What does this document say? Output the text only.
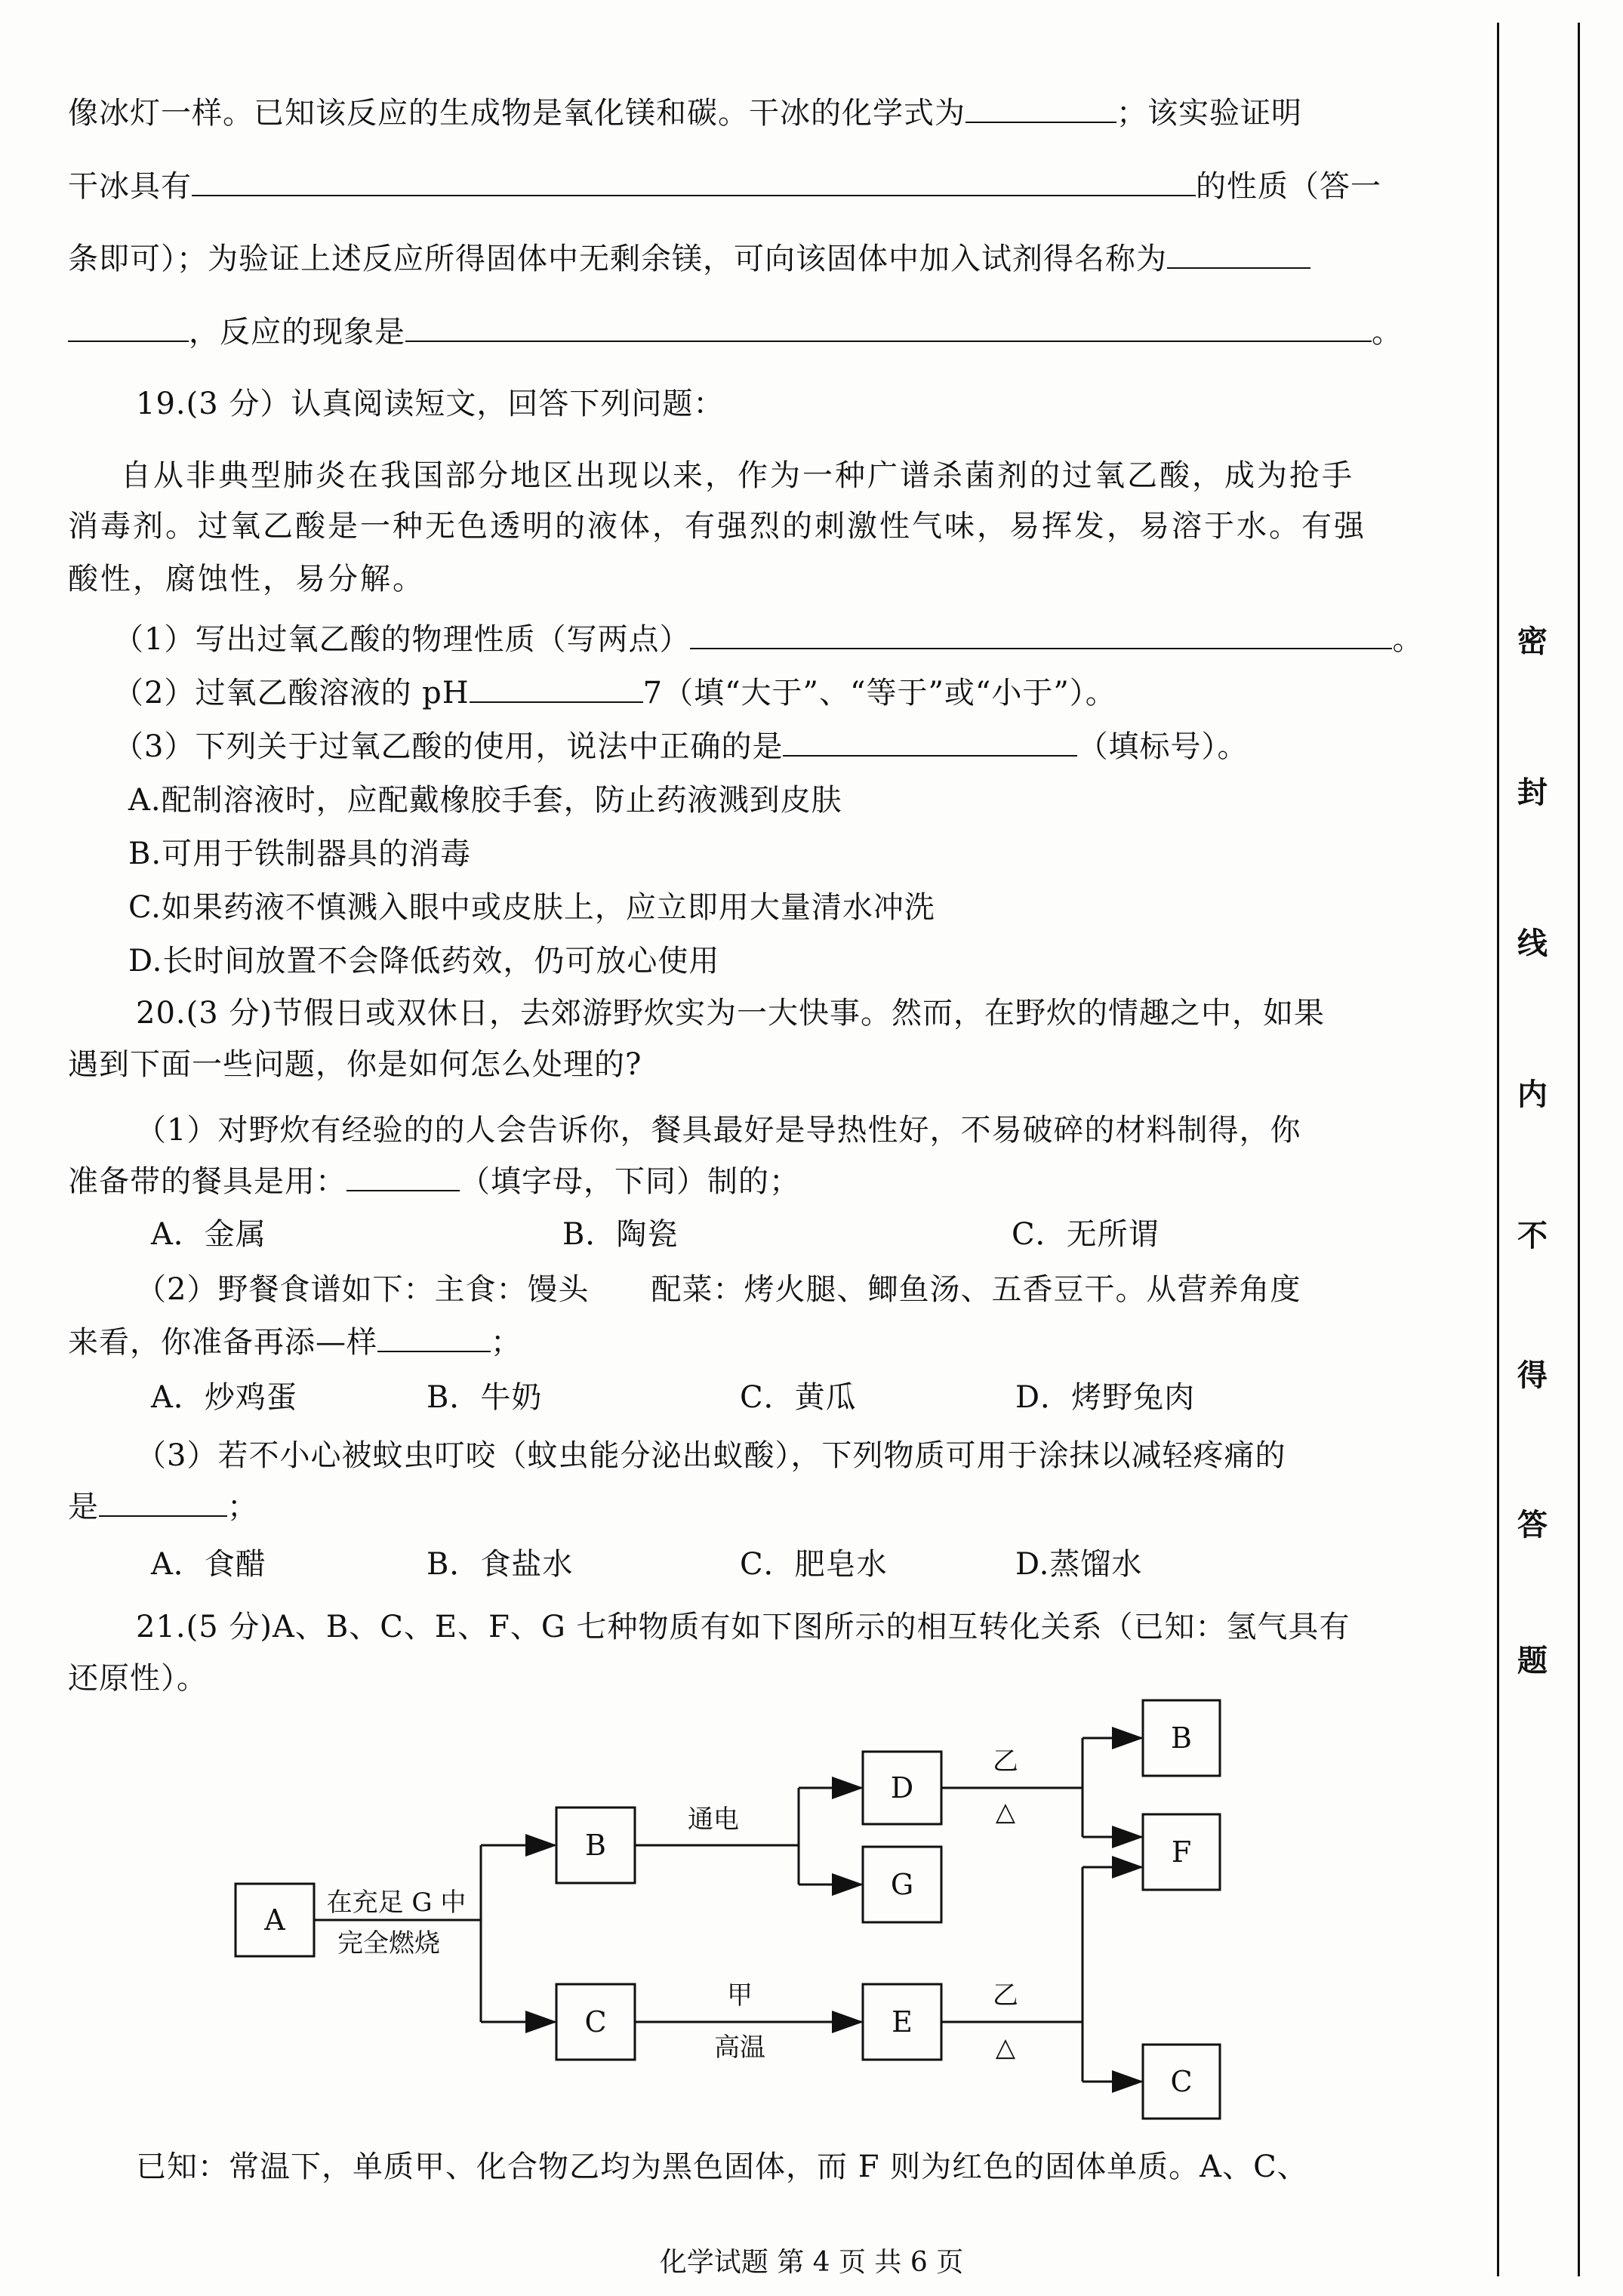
像冰灯一样。已知该反应的生成物是氧化镁和碳。干冰的化学式为	；该实验证明
干冰具有	的性质（答一
条即可）；为验证上述反应所得固体中无剩余镁，可向该固体中加入试剂得名称为
，反应的现象是	。
19.(3 分）认真阅读短文，回答下列问题：
自从非典型肺炎在我国部分地区出现以来，作为一种广谱杀菌剂的过氧乙酸，成为抢手
消毒剂。过氧乙酸是一种无色透明的液体，有强烈的刺激性气味，易挥发，易溶于水。有强
酸性，腐蚀性，易分解。
（1）写出过氧乙酸的物理性质（写两点）	。
（2）过氧乙酸溶液的 pH	7（填“大于”、“等于”或“小于”）。
（3）下列关于过氧乙酸的使用，说法中正确的是	（填标号）。
A.配制溶液时，应配戴橡胶手套，防止药液溅到皮肤
B.可用于铁制器具的消毒
C.如果药液不慎溅入眼中或皮肤上，应立即用大量清水冲洗
D.长时间放置不会降低药效，仍可放心使用
20.(3 分)节假日或双休日，去郊游野炊实为一大快事。然而，在野炊的情趣之中，如果
遇到下面一些问题，你是如何怎么处理的?
（1）对野炊有经验的的人会告诉你，餐具最好是导热性好，不易破碎的材料制得，你
准备带的餐具是用：	（填字母，下同）制的；
A．金属	B．陶瓷	C．无所谓
（2）野餐食谱如下：主食：馒头　　配菜：烤火腿、鲫鱼汤、五香豆干。从营养角度
来看，你准备再添—样	；
A．炒鸡蛋	B．牛奶	C．黄瓜	D．烤野兔肉
（3）若不小心被蚊虫叮咬（蚊虫能分泌出蚁酸），下列物质可用于涂抹以减轻疼痛的
是	；
A．食醋	B．食盐水	C．肥皂水	D.蒸馏水
21.(5 分)A、B、C、E、F、G 七种物质有如下图所示的相互转化关系（已知：氢气具有
还原性）。
A
B
C
D
G
E
B
F
C
在充足 G 中
完全燃烧
通电
甲
高温
乙
△
乙
△
已知：常温下，单质甲、化合物乙均为黑色固体，而 F 则为红色的固体单质。A、C、
化学试题 第 4 页 共 6 页
密
封
线
内
不
得
答
题
